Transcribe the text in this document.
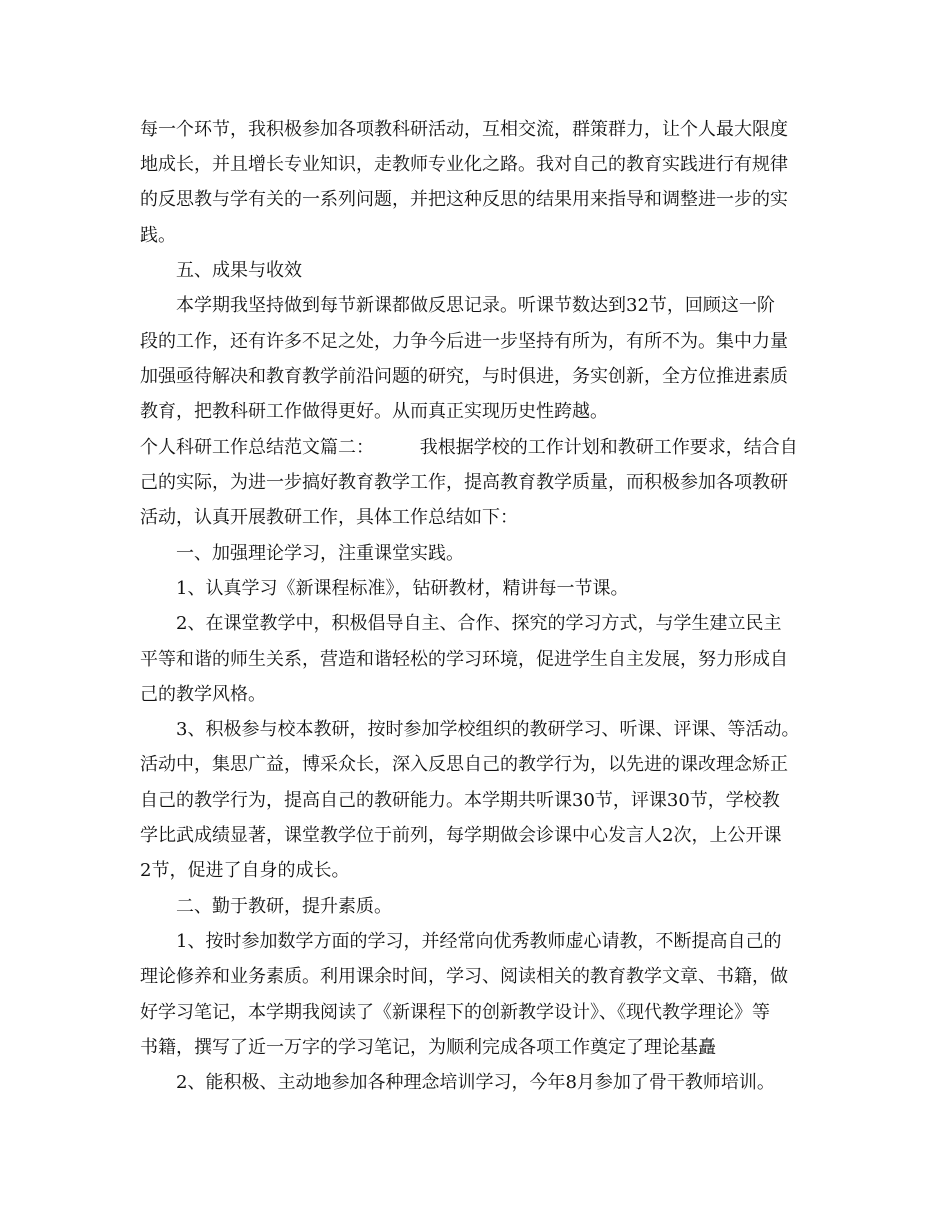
每一个环节，我积极参加各项教科研活动，互相交流，群策群力，让个人最大限度

地成长，并且增长专业知识，走教师专业化之路。我对自己的教育实践进行有规律

的反思教与学有关的一系列问题，并把这种反思的结果用来指导和调整进一步的实

践。

五、成果与收效

本学期我坚持做到每节新课都做反思记录。听课节数达到32节，回顾这一阶

段的工作，还有许多不足之处，力争今后进一步坚持有所为，有所不为。集中力量

加强亟待解决和教育教学前沿问题的研究，与时俱进，务实创新，全方位推进素质

教育，把教科研工作做得更好。从而真正实现历史性跨越。

个人科研工作总结范文篇二：        我根据学校的工作计划和教研工作要求，结合自

己的实际，为进一步搞好教育教学工作，提高教育教学质量，而积极参加各项教研

活动，认真开展教研工作，具体工作总结如下：

一、加强理论学习，注重课堂实践。

1、认真学习《新课程标准》，钻研教材，精讲每一节课。

2、在课堂教学中，积极倡导自主、合作、探究的学习方式，与学生建立民主

平等和谐的师生关系，营造和谐轻松的学习环境，促进学生自主发展，努力形成自

己的教学风格。

3、积极参与校本教研，按时参加学校组织的教研学习、听课、评课、等活动。

活动中，集思广益，博采众长，深入反思自己的教学行为，以先进的课改理念矫正

自己的教学行为，提高自己的教研能力。本学期共听课30节，评课30节，学校教

学比武成绩显著，课堂教学位于前列，每学期做会诊课中心发言人2次，上公开课

2节，促进了自身的成长。

二、勤于教研，提升素质。

1、按时参加数学方面的学习，并经常向优秀教师虚心请教，不断提高自己的

理论修养和业务素质。利用课余时间，学习、阅读相关的教育教学文章、书籍，做

好学习笔记，本学期我阅读了《新课程下的创新教学设计》、《现代教学理论》等

书籍，撰写了近一万字的学习笔记，为顺利完成各项工作奠定了理论基矗

2、能积极、主动地参加各种理念培训学习，今年8月参加了骨干教师培训。
